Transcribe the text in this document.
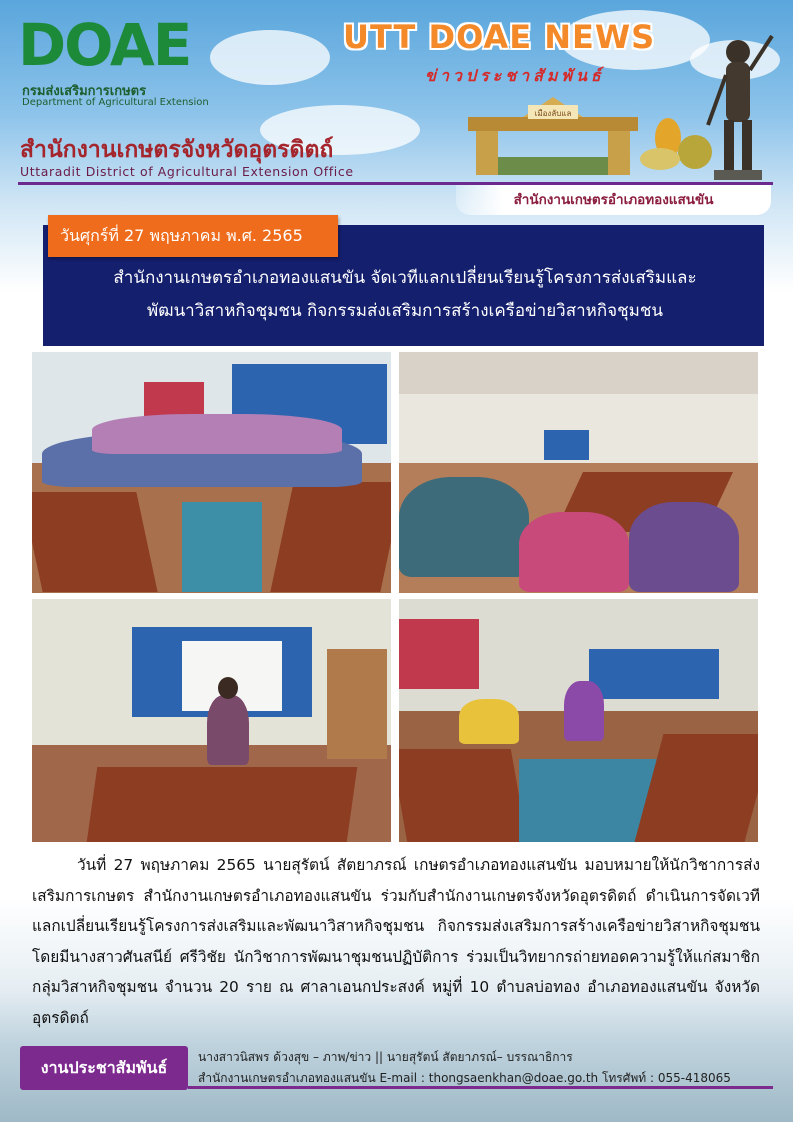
DOAE
กรมส่งเสริมการเกษตร
Department of Agricultural Extension
UTT DOAE NEWS
ข่าวประชาสัมพันธ์
เมืองลับแล
สำนักงานเกษตรจังหวัดอุตรดิตถ์
Uttaradit District of Agricultural Extension Office
สำนักงานเกษตรอำเภอทองแสนขัน
วันศุกร์ที่ 27 พฤษภาคม พ.ศ. 2565
สำนักงานเกษตรอำเภอทองแสนขัน จัดเวทีแลกเปลี่ยนเรียนรู้โครงการส่งเสริมและ
พัฒนาวิสาหกิจชุมชน กิจกรรมส่งเสริมการสร้างเครือข่ายวิสาหกิจชุมชน
วันที่ 27 พฤษภาคม 2565 นายสุรัตน์ สัตยาภรณ์ เกษตรอำเภอทองแสนขัน มอบหมายให้นักวิชาการส่งเสริมการเกษตร สำนักงานเกษตรอำเภอทองแสนขัน ร่วมกับสำนักงานเกษตรจังหวัดอุตรดิตถ์ ดำเนินการจัดเวทีแลกเปลี่ยนเรียนรู้โครงการส่งเสริมและพัฒนาวิสาหกิจชุมชน กิจกรรมส่งเสริมการสร้างเครือข่ายวิสาหกิจชุมชน โดยมีนางสาวศันสนีย์ ศรีวิชัย นักวิชาการพัฒนาชุมชนปฏิบัติการ ร่วมเป็นวิทยากรถ่ายทอดความรู้ให้แก่สมาชิกกลุ่มวิสาหกิจชุมชน จำนวน 20 ราย ณ ศาลาเอนกประสงค์ หมู่ที่ 10 ตำบลบ่อทอง อำเภอทองแสนขัน จังหวัดอุตรดิตถ์
งานประชาสัมพันธ์
นางสาวนิสพร ด้วงสุข – ภาพ/ข่าว || นายสุรัตน์ สัตยาภรณ์– บรรณาธิการ
สำนักงานเกษตรอำเภอทองแสนขัน E-mail : thongsaenkhan@doae.go.th โทรศัพท์ : 055-418065
